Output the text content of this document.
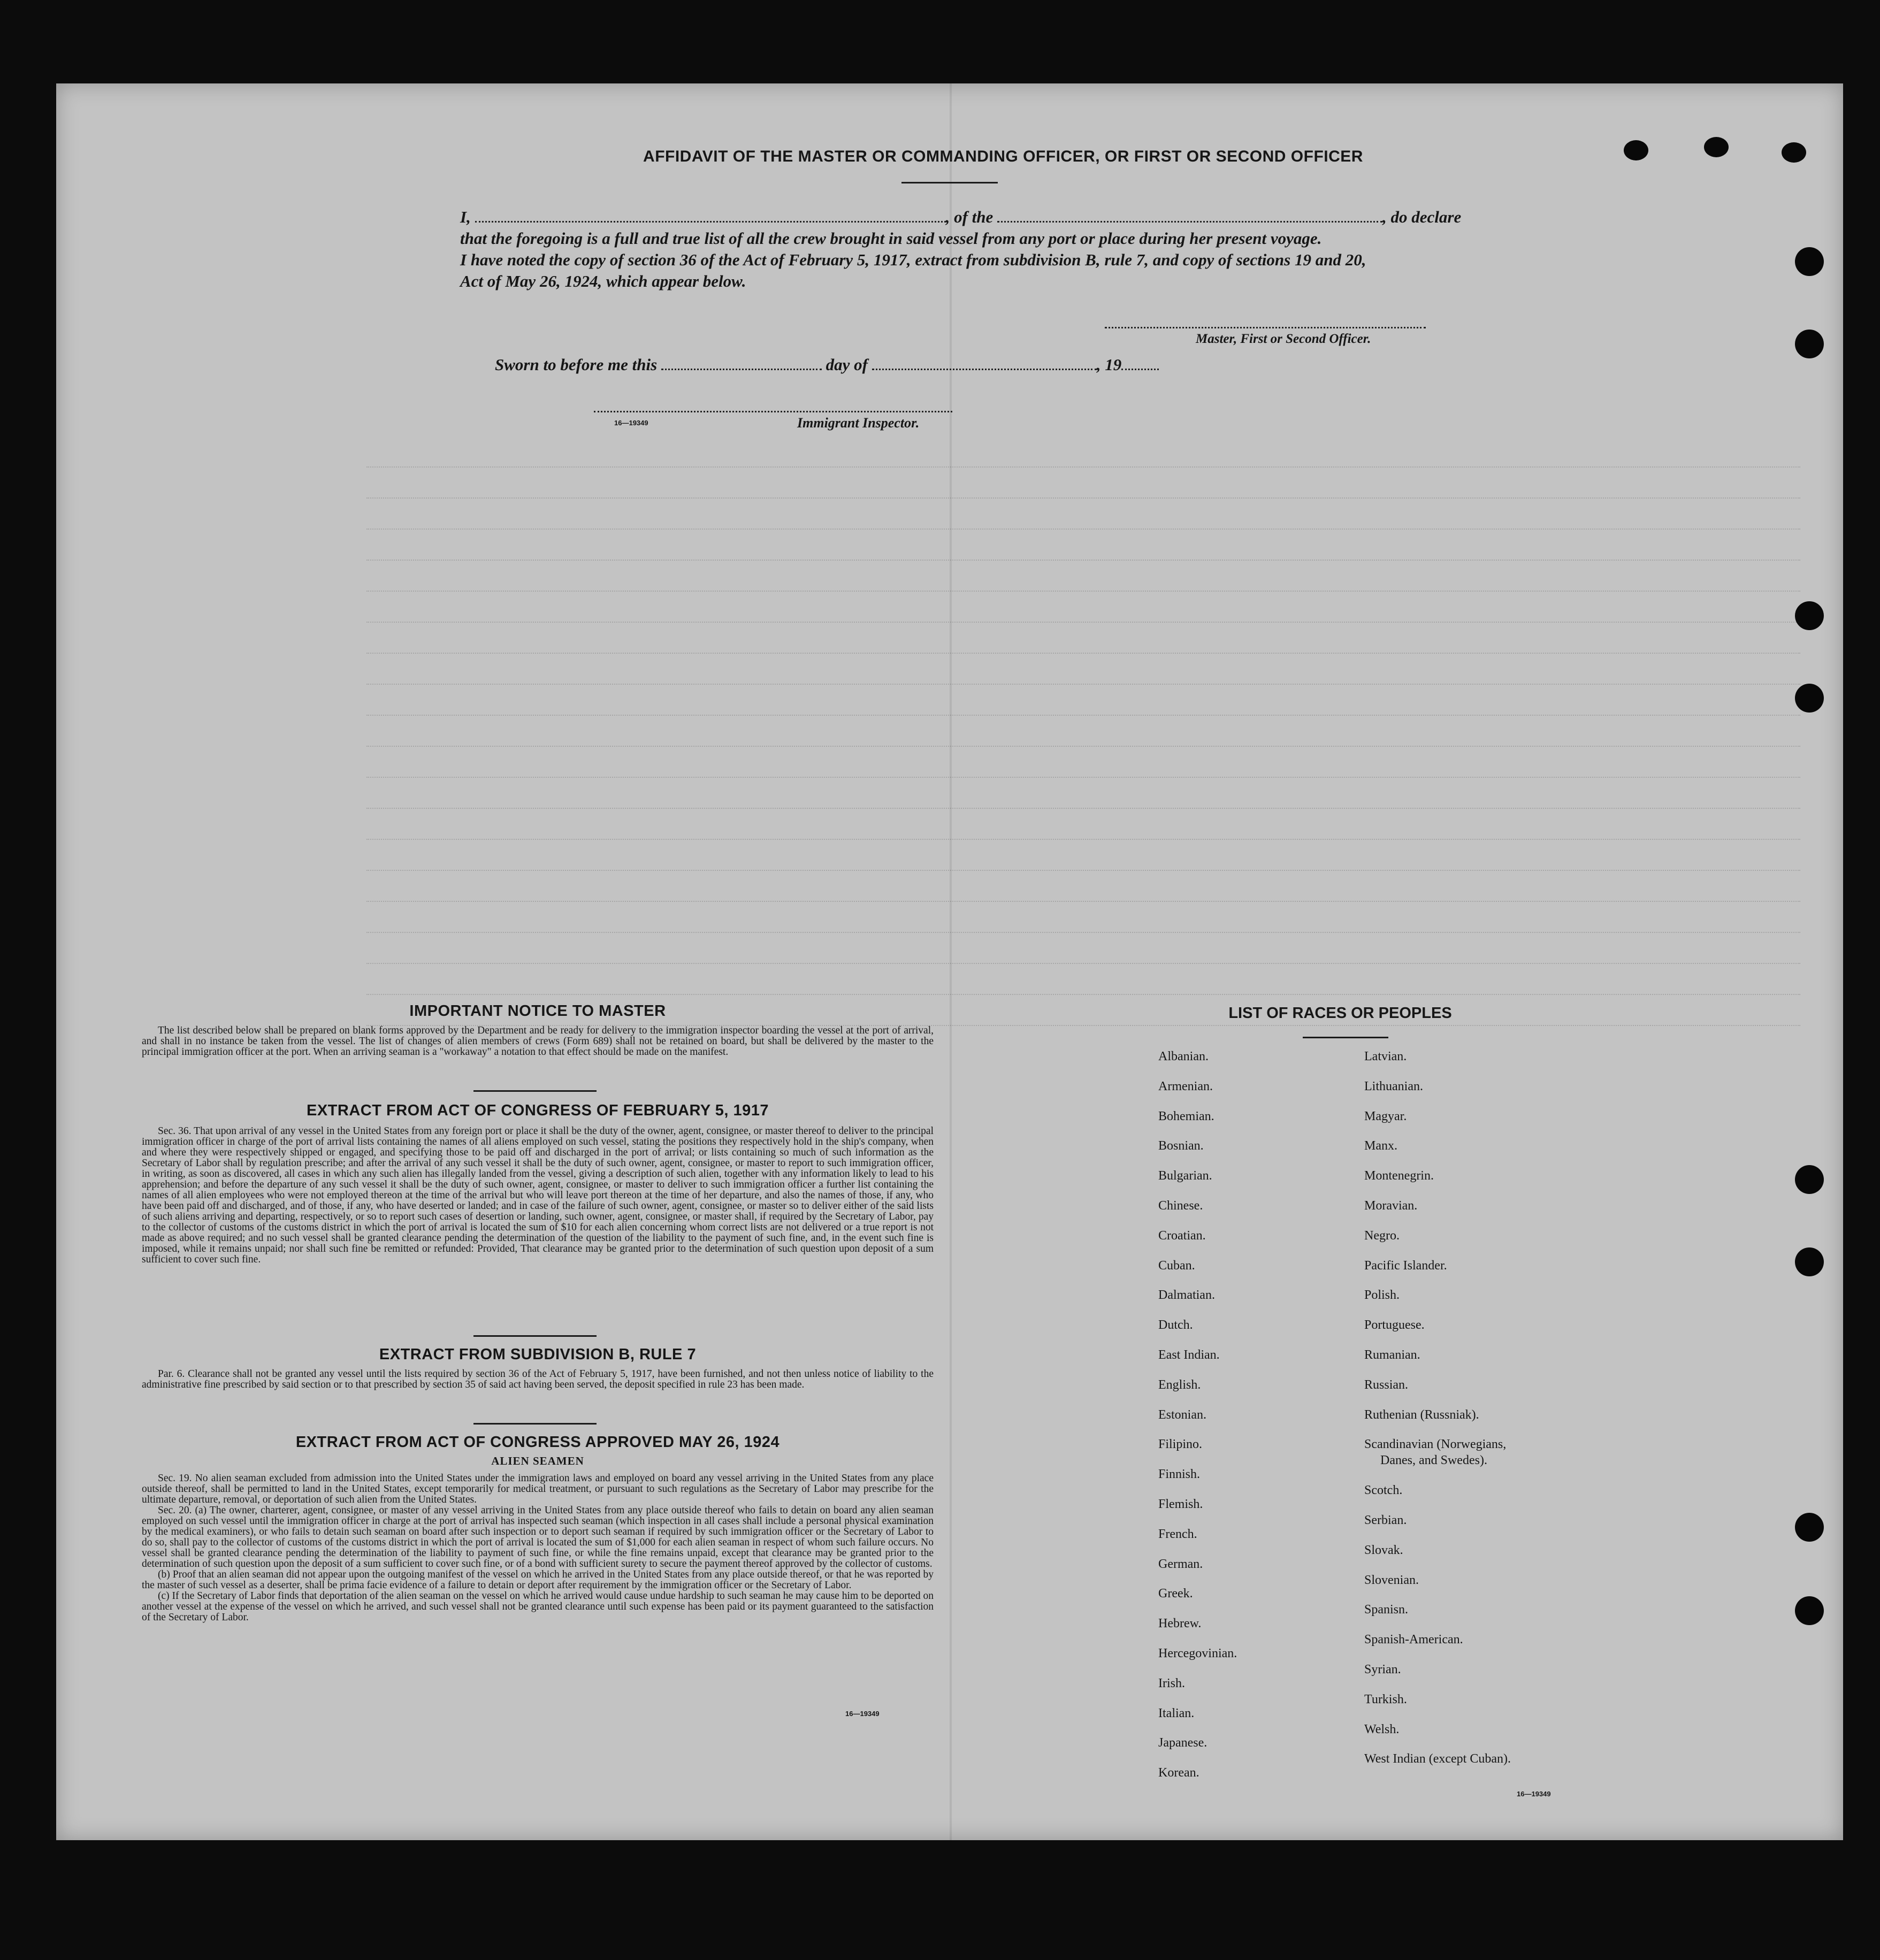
AFFIDAVIT OF THE MASTER OR COMMANDING OFFICER, OR FIRST OR SECOND OFFICER
I,	, of the	, do declare
that the foregoing is a full and true list of all the crew brought in said vessel from any port or place during her present voyage.
I have noted the copy of section 36 of the Act of February 5, 1917, extract from subdivision B, rule 7, and copy of sections 19 and 20,
Act of May 26, 1924, which appear below.
Master, First or Second Officer.
Sworn to before me this	day of	, 19
16—19349	Immigrant Inspector.
IMPORTANT NOTICE TO MASTER

The list described below shall be prepared on blank forms approved by the Department and be ready for delivery to the immigration inspector boarding the vessel at the port of arrival, and shall in no instance be taken from the vessel. The list of changes of alien members of crews (Form 689) shall not be retained on board, but shall be delivered by the master to the principal immigration officer at the port. When an arriving seaman is a "workaway" a notation to that effect should be made on the manifest.

EXTRACT FROM ACT OF CONGRESS OF FEBRUARY 5, 1917

Sec. 36. That upon arrival of any vessel in the United States from any foreign port or place it shall be the duty of the owner, agent, consignee, or master thereof to deliver to the principal immigration officer in charge of the port of arrival lists containing the names of all aliens employed on such vessel, stating the positions they respectively hold in the ship's company, when and where they were respectively shipped or engaged, and specifying those to be paid off and discharged in the port of arrival; or lists containing so much of such information as the Secretary of Labor shall by regulation prescribe; and after the arrival of any such vessel it shall be the duty of such owner, agent, consignee, or master to report to such immigration officer, in writing, as soon as discovered, all cases in which any such alien has illegally landed from the vessel, giving a description of such alien, together with any information likely to lead to his apprehension; and before the departure of any such vessel it shall be the duty of such owner, agent, consignee, or master to deliver to such immigration officer a further list containing the names of all alien employees who were not employed thereon at the time of the arrival but who will leave port thereon at the time of her departure, and also the names of those, if any, who have been paid off and discharged, and of those, if any, who have deserted or landed; and in case of the failure of such owner, agent, consignee, or master so to deliver either of the said lists of such aliens arriving and departing, respectively, or so to report such cases of desertion or landing, such owner, agent, consignee, or master shall, if required by the Secretary of Labor, pay to the collector of customs of the customs district in which the port of arrival is located the sum of $10 for each alien concerning whom correct lists are not delivered or a true report is not made as above required; and no such vessel shall be granted clearance pending the determination of the question of the liability to the payment of such fine, and, in the event such fine is imposed, while it remains unpaid; nor shall such fine be remitted or refunded: Provided, That clearance may be granted prior to the determination of such question upon deposit of a sum sufficient to cover such fine.

EXTRACT FROM SUBDIVISION B, RULE 7

Par. 6. Clearance shall not be granted any vessel until the lists required by section 36 of the Act of February 5, 1917, have been furnished, and not then unless notice of liability to the administrative fine prescribed by said section or to that prescribed by section 35 of said act having been served, the deposit specified in rule 23 has been made.

EXTRACT FROM ACT OF CONGRESS APPROVED MAY 26, 1924
ALIEN SEAMEN

Sec. 19. No alien seaman excluded from admission into the United States under the immigration laws and employed on board any vessel arriving in the United States from any place outside thereof, shall be permitted to land in the United States, except temporarily for medical treatment, or pursuant to such regulations as the Secretary of Labor may prescribe for the ultimate departure, removal, or deportation of such alien from the United States.

Sec. 20. (a) The owner, charterer, agent, consignee, or master of any vessel arriving in the United States from any place outside thereof who fails to detain on board any alien seaman employed on such vessel until the immigration officer in charge at the port of arrival has inspected such seaman (which inspection in all cases shall include a personal physical examination by the medical examiners), or who fails to detain such seaman on board after such inspection or to deport such seaman if required by such immigration officer or the Secretary of Labor to do so, shall pay to the collector of customs of the customs district in which the port of arrival is located the sum of $1,000 for each alien seaman in respect of whom such failure occurs. No vessel shall be granted clearance pending the determination of the liability to payment of such fine, or while the fine remains unpaid, except that clearance may be granted prior to the determination of such question upon the deposit of a sum sufficient to cover such fine, or of a bond with sufficient surety to secure the payment thereof approved by the collector of customs.

(b) Proof that an alien seaman did not appear upon the outgoing manifest of the vessel on which he arrived in the United States from any place outside thereof, or that he was reported by the master of such vessel as a deserter, shall be prima facie evidence of a failure to detain or deport after requirement by the immigration officer or the Secretary of Labor.

(c) If the Secretary of Labor finds that deportation of the alien seaman on the vessel on which he arrived would cause undue hardship to such seaman he may cause him to be deported on another vessel at the expense of the vessel on which he arrived, and such vessel shall not be granted clearance until such expense has been paid or its payment guaranteed to the satisfaction of the Secretary of Labor.

16—19349
LIST OF RACES OR PEOPLES
Albanian.
Armenian.
Bohemian.
Bosnian.
Bulgarian.
Chinese.
Croatian.
Cuban.
Dalmatian.
Dutch.
East Indian.
English.
Estonian.
Filipino.
Finnish.
Flemish.
French.
German.
Greek.
Hebrew.
Hercegovinian.
Irish.
Italian.
Japanese.
Korean.
Latvian.
Lithuanian.
Magyar.
Manx.
Montenegrin.
Moravian.
Negro.
Pacific Islander.
Polish.
Portuguese.
Rumanian.
Russian.
Ruthenian (Russniak).
Scandinavian (Norwegians,
Danes, and Swedes).
Scotch.
Serbian.
Slovak.
Slovenian.
Spanisn.
Spanish-American.
Syrian.
Turkish.
Welsh.
West Indian (except Cuban).
16—19349
